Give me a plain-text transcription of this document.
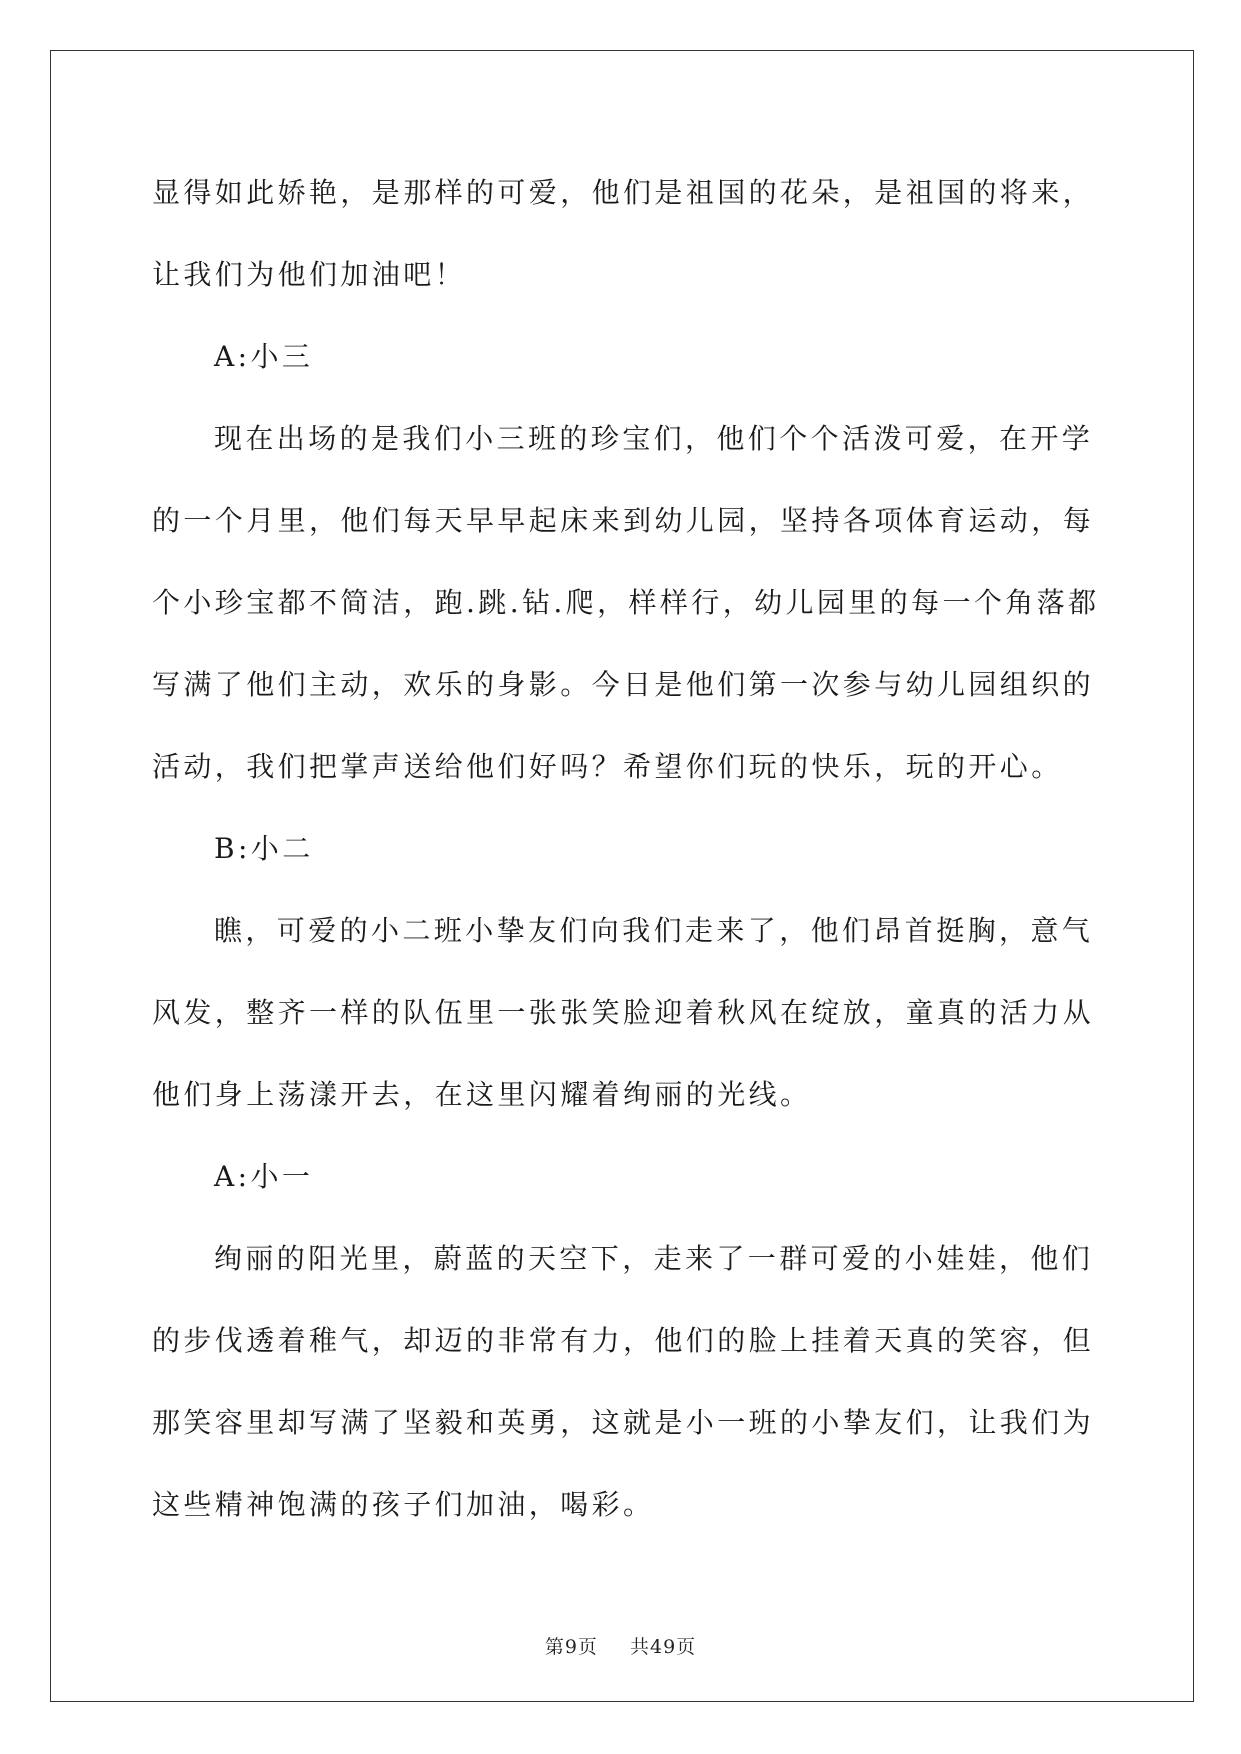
显得如此娇艳，是那样的可爱，他们是祖国的花朵，是祖国的将来，

让我们为他们加油吧！

A:小三

现在出场的是我们小三班的珍宝们，他们个个活泼可爱，在开学

的一个月里，他们每天早早起床来到幼儿园，坚持各项体育运动，每

个小珍宝都不简洁，跑.跳.钻.爬，样样行，幼儿园里的每一个角落都

写满了他们主动，欢乐的身影。今日是他们第一次参与幼儿园组织的

活动，我们把掌声送给他们好吗？希望你们玩的快乐，玩的开心。

B:小二

瞧，可爱的小二班小挚友们向我们走来了，他们昂首挺胸，意气

风发，整齐一样的队伍里一张张笑脸迎着秋风在绽放，童真的活力从

他们身上荡漾开去，在这里闪耀着绚丽的光线。

A:小一

绚丽的阳光里，蔚蓝的天空下，走来了一群可爱的小娃娃，他们

的步伐透着稚气，却迈的非常有力，他们的脸上挂着天真的笑容，但

那笑容里却写满了坚毅和英勇，这就是小一班的小挚友们，让我们为

这些精神饱满的孩子们加油，喝彩。

第9页 共49页
